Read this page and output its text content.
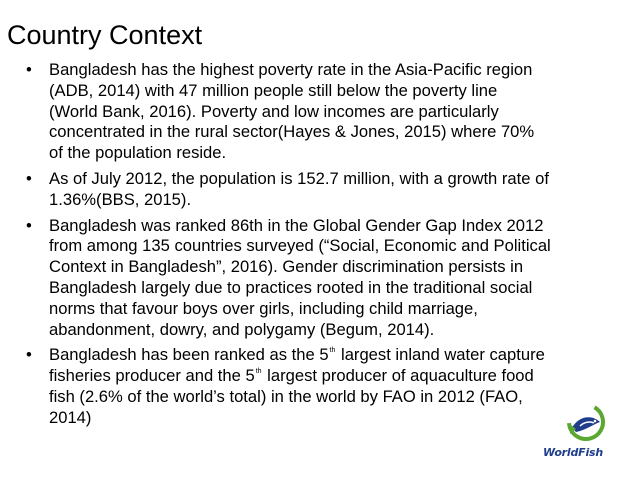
Country Context
• Bangladesh has the highest poverty rate in the Asia-Pacific region
(ADB, 2014) with 47 million people still below the poverty line
(World Bank, 2016). Poverty and low incomes are particularly
concentrated in the rural sector(Hayes & Jones, 2015) where 70%
of the population reside.
• As of July 2012, the population is 152.7 million, with a growth rate of
1.36%(BBS, 2015).
• Bangladesh was ranked 86th in the Global Gender Gap Index 2012
from among 135 countries surveyed (“Social, Economic and Political
Context in Bangladesh”, 2016). Gender discrimination persists in
Bangladesh largely due to practices rooted in the traditional social
norms that favour boys over girls, including child marriage,
abandonment, dowry, and polygamy (Begum, 2014).
• Bangladesh has been ranked as the 5th largest inland water capture
fisheries producer and the 5th largest producer of aquaculture food
fish (2.6% of the world’s total) in the world by FAO in 2012 (FAO,
2014)
WorldFish
